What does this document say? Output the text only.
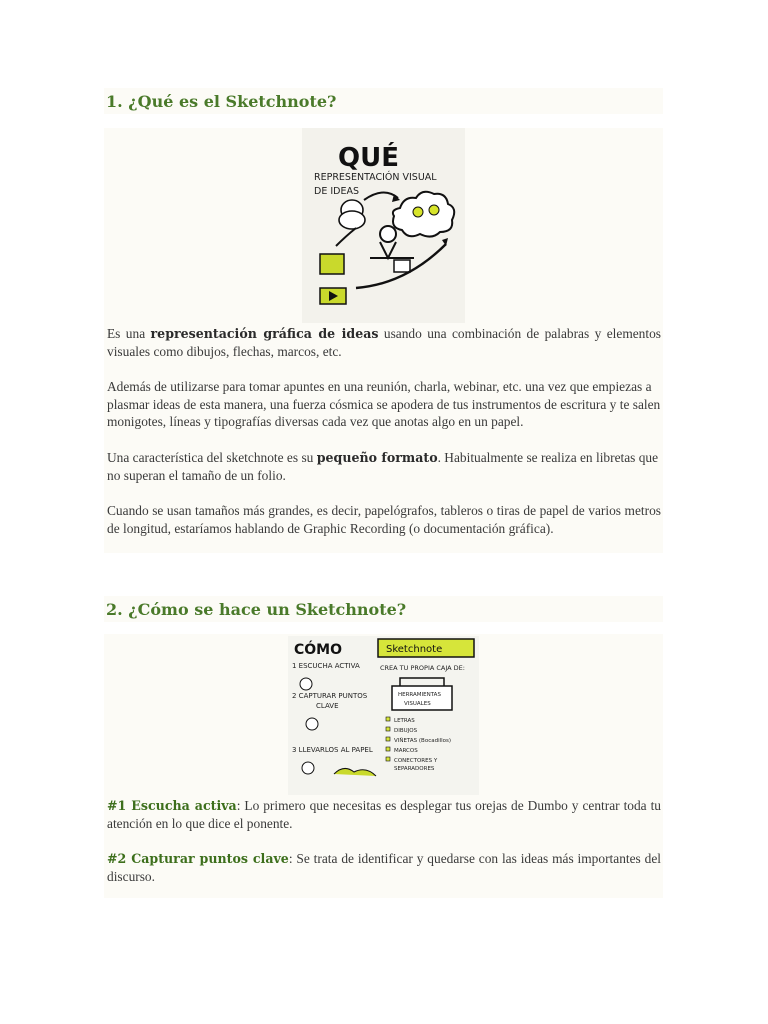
1. ¿Qué es el Sketchnote?
QUÉ
REPRESENTACIÓN VISUAL
DE IDEAS

Es una representación gráfica de ideas usando una combinación de palabras y elementos visuales como dibujos, flechas, marcos, etc.

Además de utilizarse para tomar apuntes en una reunión, charla, webinar, etc. una vez que empiezas a plasmar ideas de esta manera, una fuerza cósmica se apodera de tus instrumentos de escritura y te salen monigotes, líneas y tipografías diversas cada vez que anotas algo en un papel.

Una característica del sketchnote es su pequeño formato. Habitualmente se realiza en libretas que no superan el tamaño de un folio.

Cuando se usan tamaños más grandes, es decir, papelógrafos, tableros o tiras de papel de varios metros de longitud, estaríamos hablando de Graphic Recording (o documentación gráfica).

2. ¿Cómo se hace un Sketchnote?
CÓMO	Sketchnote
1 ESCUCHA ACTIVA
2 CAPTURAR PUNTOS
CLAVE
3 LLEVARLOS AL PAPEL
CREA TU PROPIA CAJA DE:
HERRAMIENTAS
VISUALES
LETRAS
DIBUJOS
VIÑETAS (Bocadillos)
MARCOS
CONECTORES Y
SEPARADORES

#1 Escucha activa: Lo primero que necesitas es desplegar tus orejas de Dumbo y centrar toda tu atención en lo que dice el ponente.

#2 Capturar puntos clave: Se trata de identificar y quedarse con las ideas más importantes del discurso.
